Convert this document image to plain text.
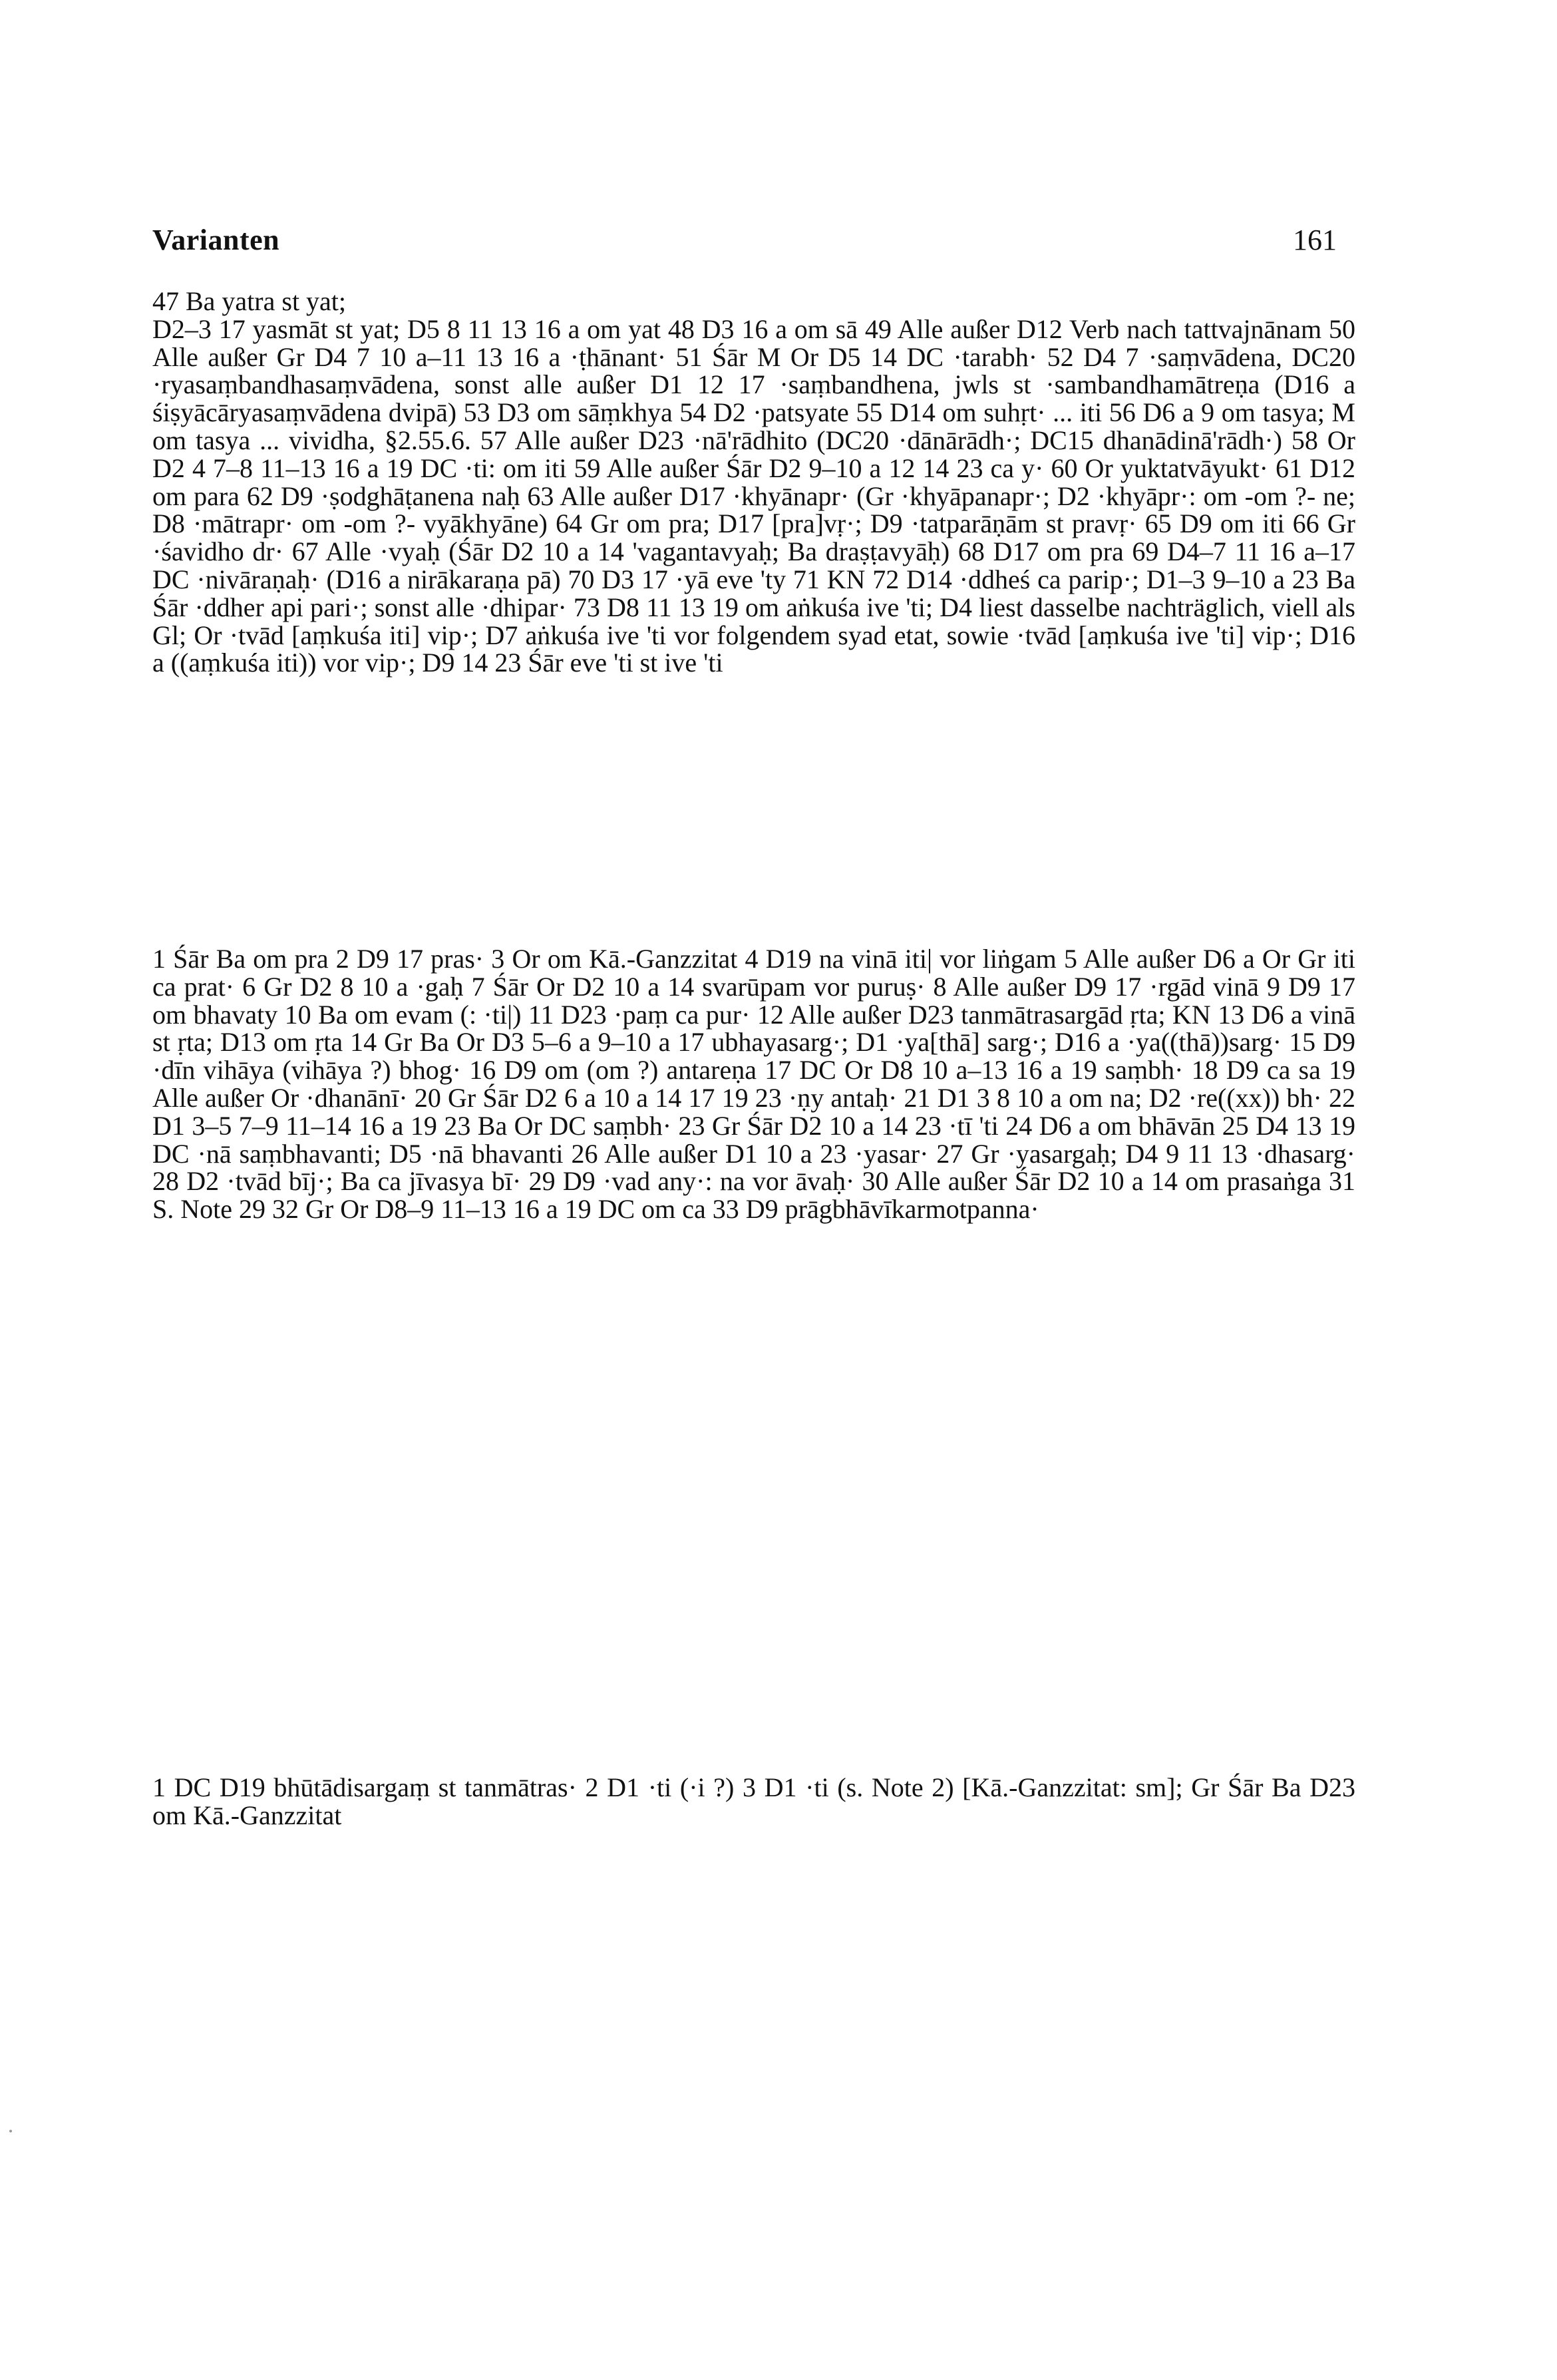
Varianten	161

47 Ba yatra st yat;

D2–3 17 yasmāt st yat; D5 8 11 13 16 a om yat 48 D3 16 a om sā 49 Alle außer D12 Verb nach tattvajnānam 50 Alle außer Gr D4 7 10 a–11 13 16 a ·ṭhānant· 51 Śār M Or D5 14 DC ·tarabh· 52 D4 7 ·saṃvādena, DC20 ·ryasaṃbandhasaṃvādena, sonst alle außer D1 12 17 ·saṃbandhena, jwls st ·sambandhamātreṇa (D16 a śiṣyācāryasaṃvādena dvipā) 53 D3 om sāṃkhya 54 D2 ·patsyate 55 D14 om suhṛt· ... iti 56 D6 a 9 om tasya; M om tasya ... vividha, §2.55.6. 57 Alle außer D23 ·nā'rādhito (DC20 ·dānārādh·; DC15 dhanādinā'rādh·) 58 Or D2 4 7–8 11–13 16 a 19 DC ·ti: om iti 59 Alle außer Śār D2 9–10 a 12 14 23 ca y· 60 Or yuktatvāyukt· 61 D12 om para 62 D9 ·ṣodghāṭanena naḥ 63 Alle außer D17 ·khyānapr· (Gr ·khyāpanapr·; D2 ·khyāpr·: om -om ?- ne; D8 ·mātrapr· om -om ?- vyākhyāne) 64 Gr om pra; D17 [pra]vṛ·; D9 ·tatparāṇām st pravṛ· 65 D9 om iti 66 Gr ·śavidho dr· 67 Alle ·vyaḥ (Śār D2 10 a 14 'vagantavyaḥ; Ba draṣṭavyāḥ) 68 D17 om pra 69 D4–7 11 16 a–17 DC ·nivāraṇaḥ· (D16 a nirākaraṇa pā) 70 D3 17 ·yā eve 'ty 71 KN 72 D14 ·ddheś ca parip·; D1–3 9–10 a 23 Ba Śār ·ddher api pari·; sonst alle ·dhipar· 73 D8 11 13 19 om aṅkuśa ive 'ti; D4 liest dasselbe nachträglich, viell als Gl; Or ·tvād [aṃkuśa iti] vip·; D7 aṅkuśa ive 'ti vor folgendem syad etat, sowie ·tvād [aṃkuśa ive 'ti] vip·; D16 a ((aṃkuśa iti)) vor vip·; D9 14 23 Śār eve 'ti st ive 'ti

1 Śār Ba om pra 2 D9 17 pras· 3 Or om Kā.-Ganzzitat 4 D19 na vinā iti| vor liṅgam 5 Alle außer D6 a Or Gr iti ca prat· 6 Gr D2 8 10 a ·gaḥ 7 Śār Or D2 10 a 14 svarūpam vor puruṣ· 8 Alle außer D9 17 ·rgād vinā 9 D9 17 om bhavaty 10 Ba om evam (: ·ti|) 11 D23 ·paṃ ca pur· 12 Alle außer D23 tanmātrasargād ṛta; KN 13 D6 a vinā st ṛta; D13 om ṛta 14 Gr Ba Or D3 5–6 a 9–10 a 17 ubhayasarg·; D1 ·ya[thā] sarg·; D16 a ·ya((thā))sarg· 15 D9 ·dīn vihāya (vihāya ?) bhog· 16 D9 om (om ?) antareṇa 17 DC Or D8 10 a–13 16 a 19 saṃbh· 18 D9 ca sa 19 Alle außer Or ·dhanānī· 20 Gr Śār D2 6 a 10 a 14 17 19 23 ·ṇy antaḥ· 21 D1 3 8 10 a om na; D2 ·re((xx)) bh· 22 D1 3–5 7–9 11–14 16 a 19 23 Ba Or DC saṃbh· 23 Gr Śār D2 10 a 14 23 ·tī 'ti 24 D6 a om bhāvān 25 D4 13 19 DC ·nā saṃbhavanti; D5 ·nā bhavanti 26 Alle außer D1 10 a 23 ·yasar· 27 Gr ·yasargaḥ; D4 9 11 13 ·dhasarg· 28 D2 ·tvād bīj·; Ba ca jīvasya bī· 29 D9 ·vad any·: na vor āvaḥ· 30 Alle außer Śār D2 10 a 14 om prasaṅga 31 S. Note 29 32 Gr Or D8–9 11–13 16 a 19 DC om ca 33 D9 prāgbhāvīkarmotpanna·

1 DC D19 bhūtādisargaṃ st tanmātras· 2 D1 ·ti (·i ?) 3 D1 ·ti (s. Note 2) [Kā.-Ganzzitat: sm]; Gr Śār Ba D23 om Kā.-Ganzzitat
